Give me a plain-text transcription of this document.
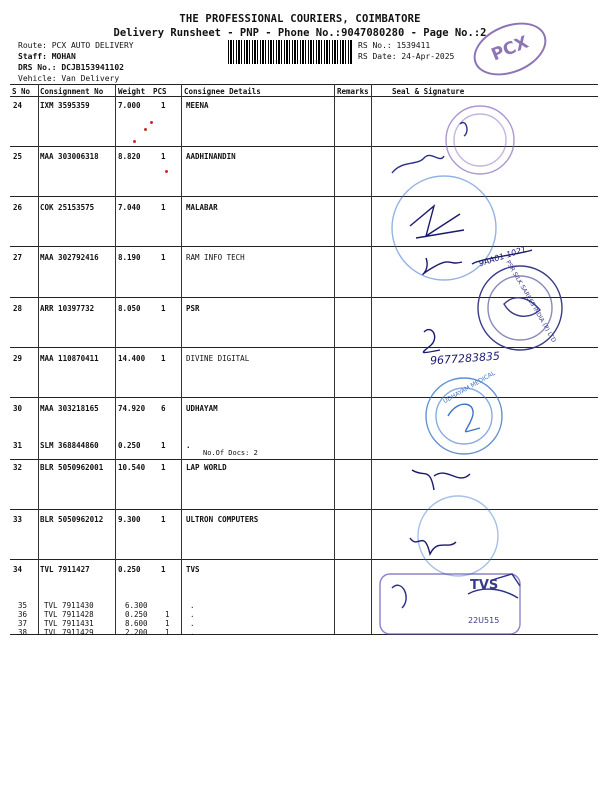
THE PROFESSIONAL COURIERS, COIMBATORE
Delivery Runsheet - PNP - Phone No.:9047080280 - Page No.:2
Route: PCX AUTO DELIVERY
Staff: MOHAN
DRS No.: DCJB153941102
Vehicle: Van Delivery
RS No.: 1539411
RS Date: 24-Apr-2025	PCX
S No Consignment No Weight PCS Consignee Details	Remarks	Seal & Signature
24 IXM 3595359	7.000	1	MEENA
25 MAA 303006318	8.820	1	AADHINANDIN
26 COK 25153575	7.040	1	MALABAR
27 MAA 302792416	8.190	1	RAM INFO TECH
28 ARR 10397732	8.050	1	PSR
29 MAA 110870411	14.400 1	DIVINE DIGITAL
30 MAA 303218165	74.920 6	UDHAYAM
31 SLM 368844860	0.250	1	.
32 BLR 5050962001 10.540 1	LAP WORLD
33 BLR 5050962012 9.300	1	ULTRON COMPUTERS
34 TVL 7911427	0.250	1	TVS
35 TVL 7911430	6.300	.
36 TVL 7911428	0.250 1	.
37 TVL 7911431	8.600 1	.
38 TVL 7911429	2.200 1	.
No.Of Docs: 2
9677283835
9AA01 1021
PSR SILK SAREES INDIA (P) LTD
UDHAYAM MEDICAL
TVS
22U515
